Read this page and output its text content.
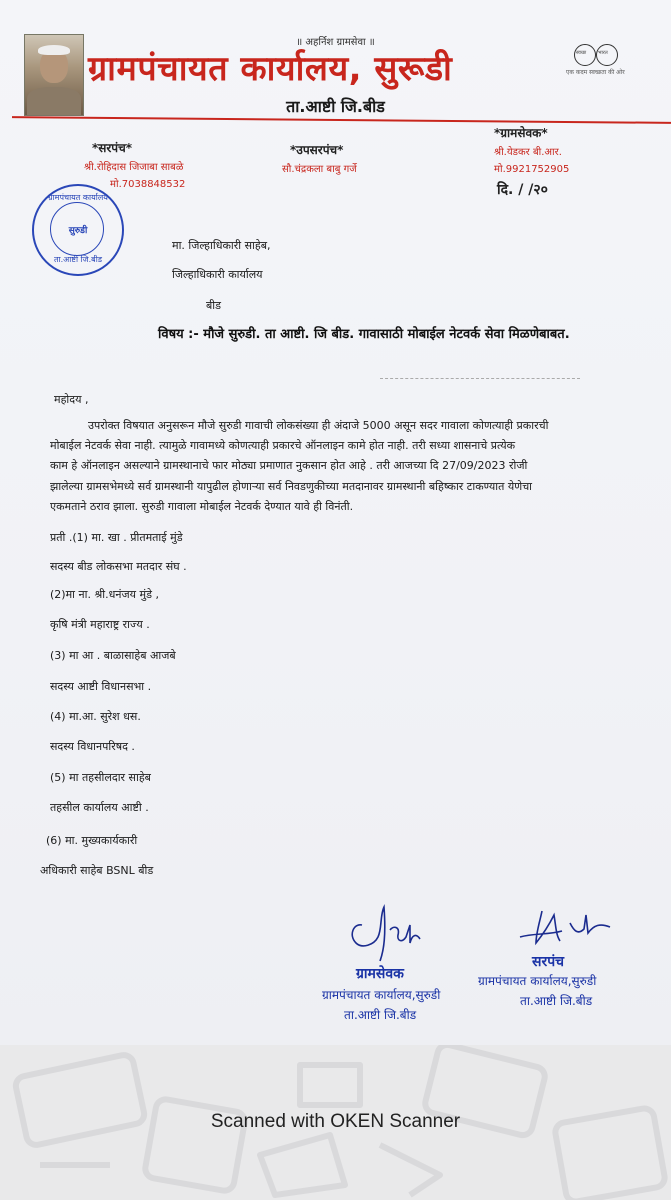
॥ अहर्निश ग्रामसेवा ॥
ग्रामपंचायत कार्यालय, सुरूडी	स्वच्छ भारत
एक कदम स्वच्छता की ओर
ता.आष्टी जि.बीड
*सरपंच*
श्री.रोहिदास जिजाबा साबळे
मो.7038848532
*उपसरपंच*
सौ.चंद्रकला बाबु गर्जे
*ग्रामसेवक*
श्री.येडकर बी.आर.
मो.9921752905
दि. / /२०
ग्रामपंचायत कार्यालय
सुरुडी
ता.आष्टी जि.बीड
मा. जिल्हाधिकारी साहेब,
जिल्हाधिकारी कार्यालय
बीड
विषय :- मौजे सुरुडी. ता आष्टी. जि बीड. गावासाठी मोबाईल नेटवर्क सेवा मिळणेबाबत.
महोदय ,
उपरोक्त विषयात अनुसरून मौजे सुरुडी गावाची लोकसंख्या ही अंदाजे 5000 असून सदर गावाला कोणत्याही प्रकारची
मोबाईल नेटवर्क सेवा नाही. त्यामुळे गावामध्ये कोणत्याही प्रकारचे ऑनलाइन कामे होत नाही. तरी सध्या शासनाचे प्रत्येक
काम हे ऑनलाइन असल्याने ग्रामस्थानाचे फार मोठ्या प्रमाणात नुकसान होत आहे . तरी आजच्या दि 27/09/2023 रोजी
झालेल्या ग्रामसभेमध्ये सर्व ग्रामस्थानी यापुढील होणाऱ्या सर्व निवडणुकीच्या मतदानावर ग्रामस्थानी बहिष्कार टाकण्यात येणेचा
एकमताने ठराव झाला. सुरुडी गावाला मोबाईल नेटवर्क देण्यात यावे ही विनंती.
प्रती .(1) मा. खा . प्रीतमताई मुंडे
सदस्य बीड लोकसभा मतदार संघ .
(2)मा ना. श्री.धनंजय मुंडे ,
कृषि मंत्री महाराष्ट्र राज्य .
(3) मा आ . बाळासाहेब आजबे
सदस्य आष्टी विधानसभा .
(4) मा.आ. सुरेश धस.
सदस्य विधानपरिषद .
(5) मा तहसीलदार साहेब
तहसील कार्यालय आष्टी .
(6) मा. मुख्यकार्यकारी
अधिकारी साहेब BSNL बीड
ग्रामसेवक
ग्रामपंचायत कार्यालय,सुरुडी
ता.आष्टी जि.बीड
सरपंच
ग्रामपंचायत कार्यालय,सुरुडी
ता.आष्टी जि.बीड
Scanned with OKEN Scanner
